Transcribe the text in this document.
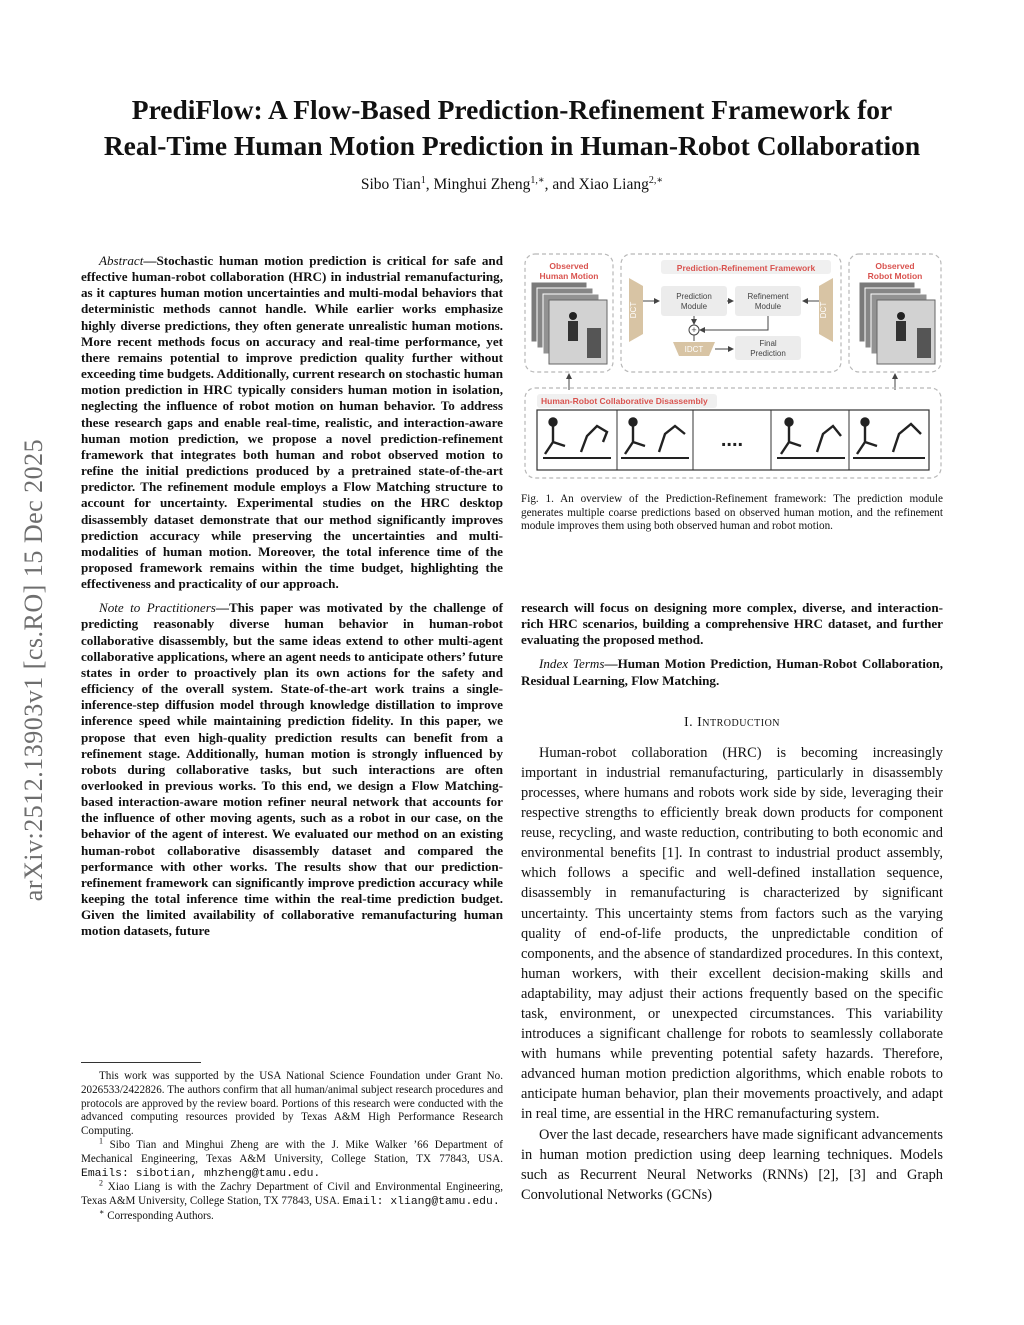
arXiv:2512.13903v1 [cs.RO] 15 Dec 2025
PrediFlow: A Flow-Based Prediction-Refinement Framework for
Real-Time Human Motion Prediction in Human-Robot Collaboration
Sibo Tian$^1$, Minghui Zheng$^{1,∗}$, and Xiao Liang$^{2,∗}$

Abstract—Stochastic human motion prediction is critical for safe and effective human-robot collaboration (HRC) in industrial remanufacturing, as it captures human motion uncertainties and multi-modal behaviors that deterministic methods cannot handle. While earlier works emphasize highly diverse predictions, they often generate unrealistic human motions. More recent methods focus on accuracy and real-time performance, yet there remains potential to improve prediction quality further without exceeding time budgets. Additionally, current research on stochastic human motion prediction in HRC typically considers human motion in isolation, neglecting the influence of robot motion on human behavior. To address these research gaps and enable real-time, realistic, and interaction-aware human motion prediction, we propose a novel prediction-refinement framework that integrates both human and robot observed motion to refine the initial predictions produced by a pretrained state-of-the-art predictor. The refinement module employs a Flow Matching structure to account for uncertainty. Experimental studies on the HRC desktop disassembly dataset demonstrate that our method significantly improves prediction accuracy while preserving the uncertainties and multi-modalities of human motion. Moreover, the total inference time of the proposed framework remains within the time budget, highlighting the effectiveness and practicality of our approach.

Note to Practitioners—This paper was motivated by the challenge of predicting reasonably diverse human behavior in human-robot collaborative disassembly, but the same ideas extend to other multi-agent collaborative applications, where an agent needs to anticipate others’ future states in order to proactively plan its own actions for the safety and efficiency of the overall system. State-of-the-art work trains a single-inference-step diffusion model through knowledge distillation to improve inference speed while maintaining prediction fidelity. In this paper, we propose that even high-quality prediction results can benefit from a refinement stage. Additionally, human motion is strongly influenced by robots during collaborative tasks, but such interactions are often overlooked in previous works. To this end, we design a Flow Matching-based interaction-aware motion refiner neural network that accounts for the influence of other moving agents, such as a robot in our case, on the behavior of the agent of interest. We evaluated our method on an existing human-robot collaborative disassembly dataset and compared the performance with other works. The results show that our prediction-refinement framework can significantly improve prediction accuracy while keeping the total inference time within the real-time prediction budget. Given the limited availability of collaborative remanufacturing human motion datasets, future

This work was supported by the USA National Science Foundation under Grant No. 2026533/2422826. The authors confirm that all human/animal subject research procedures and protocols are approved by the review board. Portions of this research were conducted with the advanced computing resources provided by Texas A&M High Performance Research Computing.

$^1$ Sibo Tian and Minghui Zheng are with the J. Mike Walker ’66 Department of Mechanical Engineering, Texas A&M University, College Station, TX 77843, USA. Emails: sibotian, mhzheng@tamu.edu.

$^2$ Xiao Liang is with the Zachry Department of Civil and Environmental Engineering, Texas A&M University, College Station, TX 77843, USA. Email: xliang@tamu.edu.

∗ Corresponding Authors.

Observed
Human Motion
Prediction-Refinement Framework
DCT
Prediction
Module
Refinement
Module	DCT
+
IDCT
Final
Prediction
Observed
Robot Motion
Human-Robot Collaborative Disassembly
....

Fig. 1. An overview of the Prediction-Refinement framework: The prediction module generates multiple coarse predictions based on observed human motion, and the refinement module improves them using both observed human and robot motion.

research will focus on designing more complex, diverse, and interaction-rich HRC scenarios, building a comprehensive HRC dataset, and further evaluating the proposed method.

Index Terms—Human Motion Prediction, Human-Robot Collaboration, Residual Learning, Flow Matching.

I. Introduction

Human-robot collaboration (HRC) is becoming increasingly important in industrial remanufacturing, particularly in disassembly processes, where humans and robots work side by side, leveraging their respective strengths to efficiently break down products for component reuse, recycling, and waste reduction, contributing to both economic and environmental benefits [1]. In contrast to industrial product assembly, which follows a specific and well-defined installation sequence, disassembly in remanufacturing is characterized by significant uncertainty. This uncertainty stems from factors such as the varying quality of end-of-life products, the unpredictable condition of components, and the absence of standardized procedures. In this context, human workers, with their excellent decision-making skills and adaptability, may adjust their actions frequently based on the specific task, environment, or unexpected circumstances. This variability introduces a significant challenge for robots to seamlessly collaborate with humans while preventing potential safety hazards. Therefore, advanced human motion prediction algorithms, which enable robots to anticipate human behavior, plan their movements proactively, and adapt in real time, are essential in the HRC remanufacturing system.

Over the last decade, researchers have made significant advancements in human motion prediction using deep learning techniques. Models such as Recurrent Neural Networks (RNNs) [2], [3] and Graph Convolutional Networks (GCNs)
